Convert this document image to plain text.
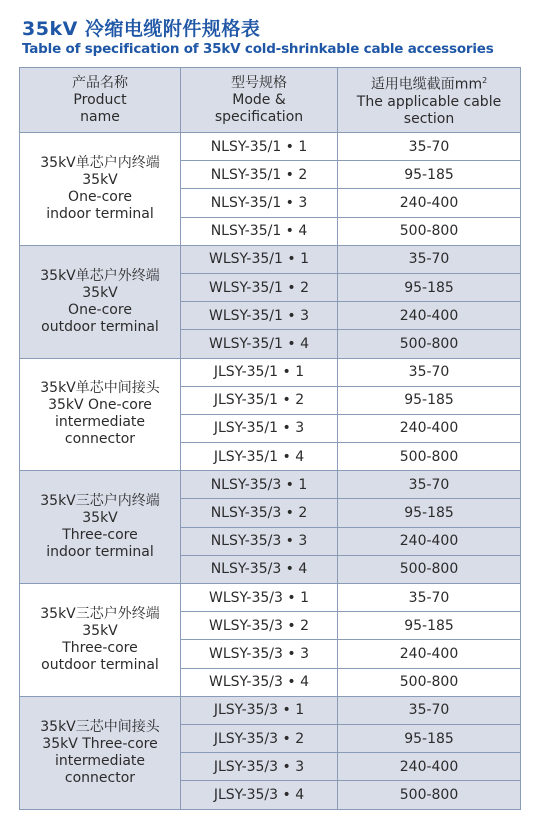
35kV 冷缩电缆附件规格表
Table of specification of 35kV cold-shrinkable cable accessories
产品名称
Product
name	型号规格
Mode &
specification	适用电缆截面$mm^2$
The applicable cable
section

35kV单芯户内终端
35kV
One-core
indoor terminal	NLSY-35/1 • 1	35-70
	NLSY-35/1 • 2	95-185
	NLSY-35/1 • 3	240-400
	NLSY-35/1 • 4	500-800

35kV单芯户外终端
35kV
One-core
outdoor terminal	WLSY-35/1 • 1	35-70
	WLSY-35/1 • 2	95-185
	WLSY-35/1 • 3	240-400
	WLSY-35/1 • 4	500-800

35kV单芯中间接头
35kV One-core
intermediate
connector	JLSY-35/1 • 1	35-70
	JLSY-35/1 • 2	95-185
	JLSY-35/1 • 3	240-400
	JLSY-35/1 • 4	500-800

35kV三芯户内终端
35kV
Three-core
indoor terminal	NLSY-35/3 • 1	35-70
	NLSY-35/3 • 2	95-185
	NLSY-35/3 • 3	240-400
	NLSY-35/3 • 4	500-800

35kV三芯户外终端
35kV
Three-core
outdoor terminal	WLSY-35/3 • 1	35-70
	WLSY-35/3 • 2	95-185
	WLSY-35/3 • 3	240-400
	WLSY-35/3 • 4	500-800

35kV三芯中间接头
35kV Three-core
intermediate
connector	JLSY-35/3 • 1	35-70
	JLSY-35/3 • 2	95-185
	JLSY-35/3 • 3	240-400
	JLSY-35/3 • 4	500-800
